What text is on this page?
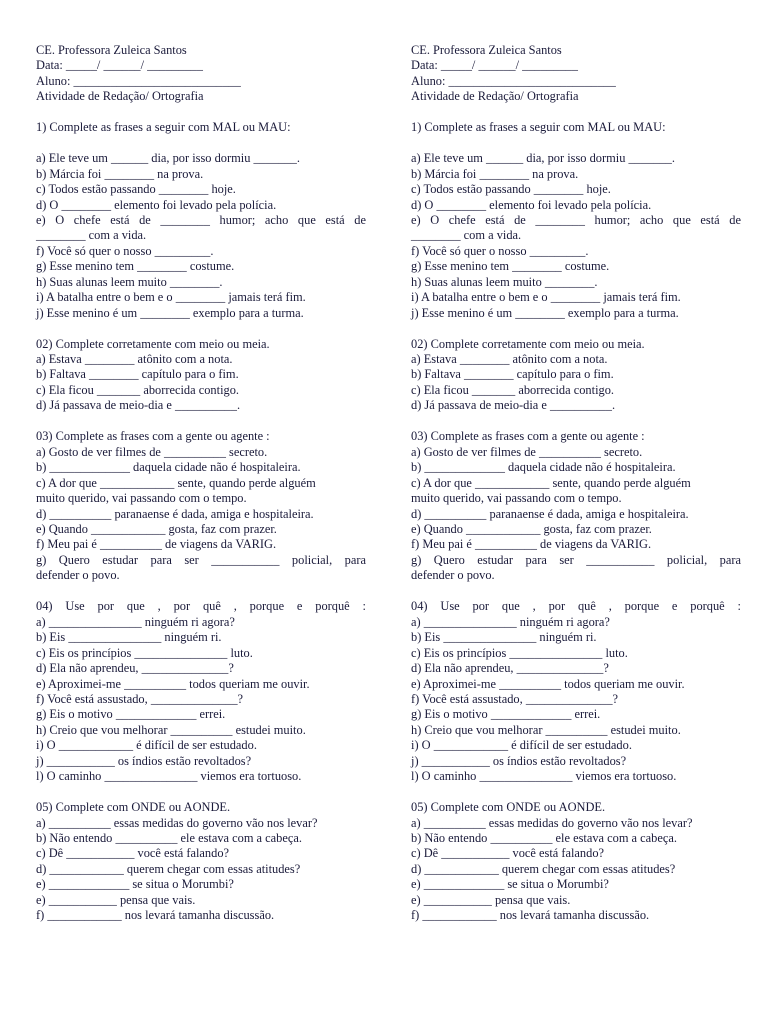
CE. Professora Zuleica Santos
Data: _____/ ______/ _________
Aluno: ___________________________
Atividade de Redação/ Ortografia
1) Complete as frases a seguir com MAL ou MAU:
a) Ele teve um ______ dia, por isso dormiu _______.
b) Márcia foi ________ na prova.
c) Todos estão passando ________ hoje.
d) O ________ elemento foi levado pela polícia.
e) O chefe está de ________ humor; acho que está de
________ com a vida.
f) Você só quer o nosso _________.
g) Esse menino tem ________ costume.
h) Suas alunas leem muito ________.
i) A batalha entre o bem e o ________ jamais terá fim.
j) Esse menino é um ________ exemplo para a turma.
02) Complete corretamente com meio ou meia.
a) Estava ________ atônito com a nota.
b) Faltava ________ capítulo para o fim.
c) Ela ficou _______ aborrecida contigo.
d) Já passava de meio-dia e __________.
03) Complete as frases com a gente ou agente :
a) Gosto de ver filmes de __________ secreto.
b) _____________ daquela cidade não é hospitaleira.
c) A dor que ____________ sente, quando perde alguém
muito querido, vai passando com o tempo.
d) __________ paranaense é dada, amiga e hospitaleira.
e) Quando ____________ gosta, faz com prazer.
f) Meu pai é __________ de viagens da VARIG.
g) Quero estudar para ser ___________ policial, para
defender o povo.
04) Use por que , por quê , porque e porquê :
a) _______________ ninguém ri agora?
b) Eis _______________ ninguém ri.
c) Eis os princípios _______________ luto.
d) Ela não aprendeu, ______________?
e) Aproximei-me __________ todos queriam me ouvir.
f) Você está assustado, ______________?
g) Eis o motivo _____________ errei.
h) Creio que vou melhorar __________ estudei muito.
i) O ____________ é difícil de ser estudado.
j) ___________ os índios estão revoltados?
l) O caminho _______________ viemos era tortuoso.
05) Complete com ONDE ou AONDE.
a) __________ essas medidas do governo vão nos levar?
b) Não entendo __________ ele estava com a cabeça.
c) Dê ___________ você está falando?
d) ____________ querem chegar com essas atitudes?
e) _____________ se situa o Morumbi?
e) ___________ pensa que vais.
f) ____________ nos levará tamanha discussão.
CE. Professora Zuleica Santos
Data: _____/ ______/ _________
Aluno: ___________________________
Atividade de Redação/ Ortografia
1) Complete as frases a seguir com MAL ou MAU:
a) Ele teve um ______ dia, por isso dormiu _______.
b) Márcia foi ________ na prova.
c) Todos estão passando ________ hoje.
d) O ________ elemento foi levado pela polícia.
e) O chefe está de ________ humor; acho que está de
________ com a vida.
f) Você só quer o nosso _________.
g) Esse menino tem ________ costume.
h) Suas alunas leem muito ________.
i) A batalha entre o bem e o ________ jamais terá fim.
j) Esse menino é um ________ exemplo para a turma.
02) Complete corretamente com meio ou meia.
a) Estava ________ atônito com a nota.
b) Faltava ________ capítulo para o fim.
c) Ela ficou _______ aborrecida contigo.
d) Já passava de meio-dia e __________.
03) Complete as frases com a gente ou agente :
a) Gosto de ver filmes de __________ secreto.
b) _____________ daquela cidade não é hospitaleira.
c) A dor que ____________ sente, quando perde alguém
muito querido, vai passando com o tempo.
d) __________ paranaense é dada, amiga e hospitaleira.
e) Quando ____________ gosta, faz com prazer.
f) Meu pai é __________ de viagens da VARIG.
g) Quero estudar para ser ___________ policial, para
defender o povo.
04) Use por que , por quê , porque e porquê :
a) _______________ ninguém ri agora?
b) Eis _______________ ninguém ri.
c) Eis os princípios _______________ luto.
d) Ela não aprendeu, ______________?
e) Aproximei-me __________ todos queriam me ouvir.
f) Você está assustado, ______________?
g) Eis o motivo _____________ errei.
h) Creio que vou melhorar __________ estudei muito.
i) O ____________ é difícil de ser estudado.
j) ___________ os índios estão revoltados?
l) O caminho _______________ viemos era tortuoso.
05) Complete com ONDE ou AONDE.
a) __________ essas medidas do governo vão nos levar?
b) Não entendo __________ ele estava com a cabeça.
c) Dê ___________ você está falando?
d) ____________ querem chegar com essas atitudes?
e) _____________ se situa o Morumbi?
e) ___________ pensa que vais.
f) ____________ nos levará tamanha discussão.
